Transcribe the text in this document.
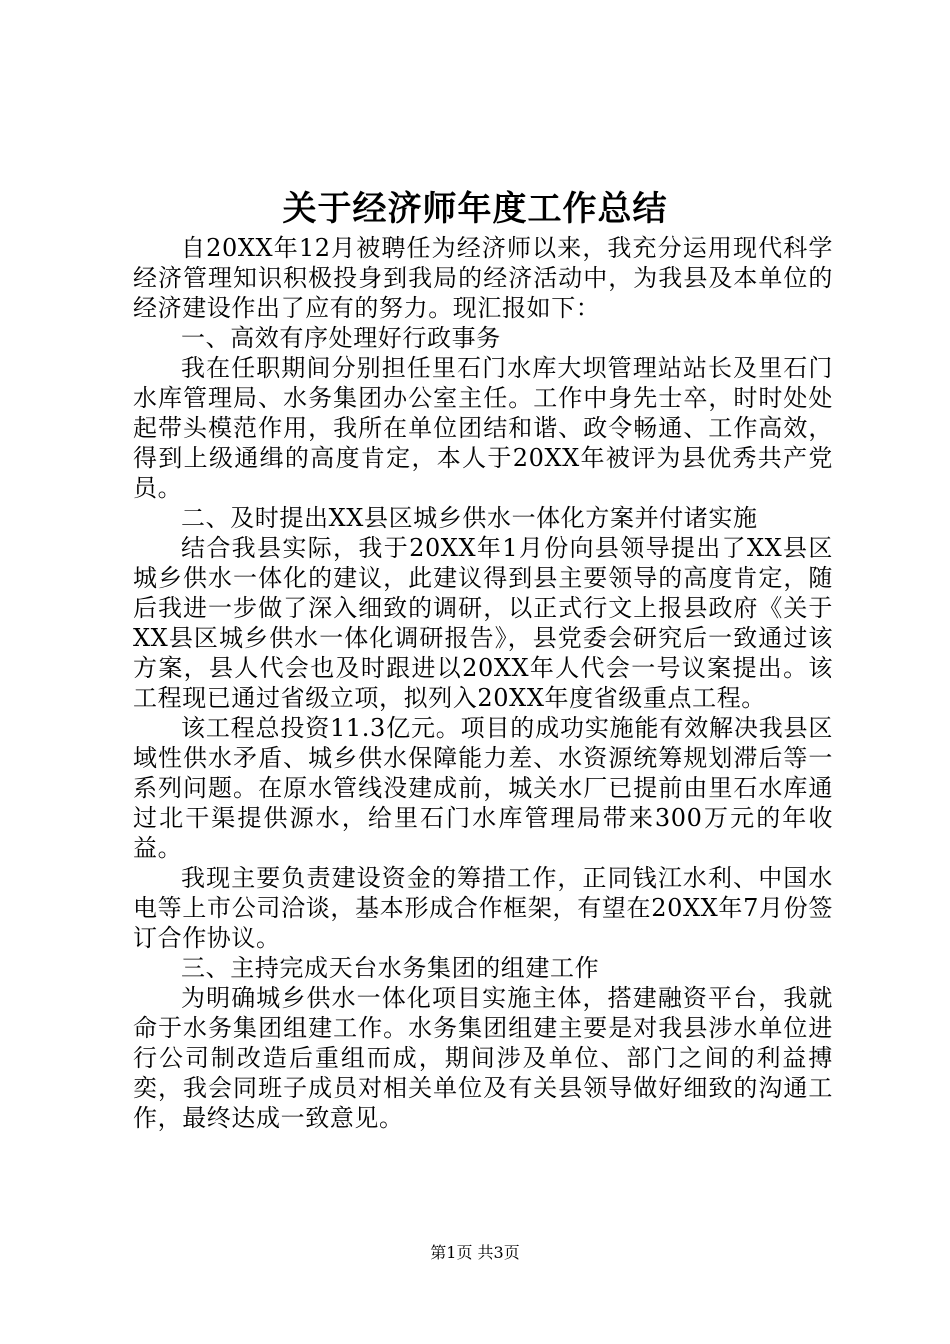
关于经济师年度工作总结

自20XX年12月被聘任为经济师以来，我充分运用现代科学经济管理知识积极投身到我局的经济活动中，为我县及本单位的经济建设作出了应有的努力。现汇报如下：

一、高效有序处理好行政事务

我在任职期间分别担任里石门水库大坝管理站站长及里石门水库管理局、水务集团办公室主任。工作中身先士卒，时时处处起带头模范作用，我所在单位团结和谐、政令畅通、工作高效，得到上级通缉的高度肯定，本人于20XX年被评为县优秀共产党员。

二、及时提出XX县区城乡供水一体化方案并付诸实施

结合我县实际，我于20XX年1月份向县领导提出了XX县区城乡供水一体化的建议，此建议得到县主要领导的高度肯定，随后我进一步做了深入细致的调研，以正式行文上报县政府《关于XX县区城乡供水一体化调研报告》，县党委会研究后一致通过该方案，县人代会也及时跟进以20XX年人代会一号议案提出。该工程现已通过省级立项，拟列入20XX年度省级重点工程。

该工程总投资11.3亿元。项目的成功实施能有效解决我县区域性供水矛盾、城乡供水保障能力差、水资源统筹规划滞后等一系列问题。在原水管线没建成前，城关水厂已提前由里石水库通过北干渠提供源水，给里石门水库管理局带来300万元的年收益。

我现主要负责建设资金的筹措工作，正同钱江水利、中国水电等上市公司洽谈，基本形成合作框架，有望在20XX年7月份签订合作协议。

三、主持完成天台水务集团的组建工作

为明确城乡供水一体化项目实施主体，搭建融资平台，我就命于水务集团组建工作。水务集团组建主要是对我县涉水单位进行公司制改造后重组而成，期间涉及单位、部门之间的利益搏奕，我会同班子成员对相关单位及有关县领导做好细致的沟通工作，最终达成一致意见。

第1页 共3页
